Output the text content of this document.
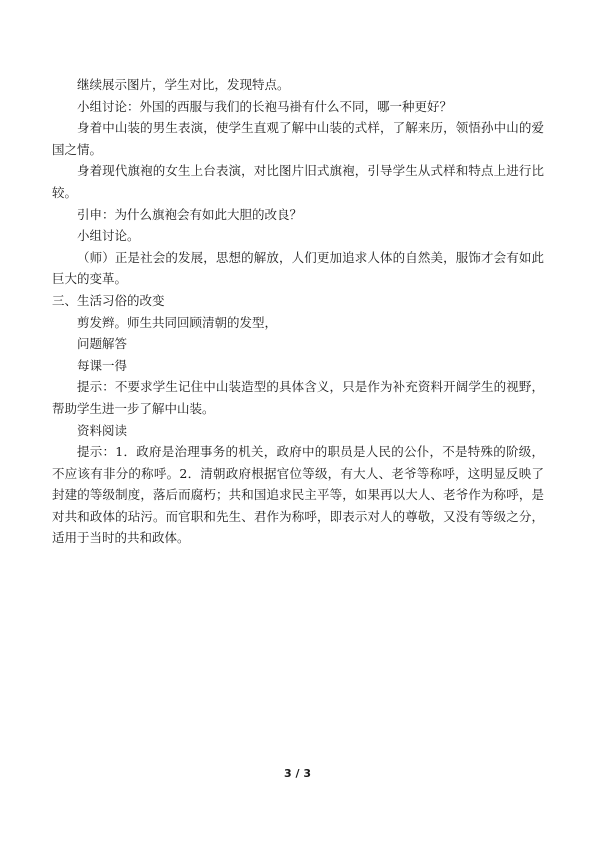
继续展示图片，学生对比，发现特点。

小组讨论：外国的西服与我们的长袍马褂有什么不同，哪一种更好？

身着中山装的男生表演，使学生直观了解中山装的式样，了解来历，领悟孙中山的爱国之情。

身着现代旗袍的女生上台表演，对比图片旧式旗袍，引导学生从式样和特点上进行比较。

引申：为什么旗袍会有如此大胆的改良？

小组讨论。

（师）正是社会的发展，思想的解放，人们更加追求人体的自然美，服饰才会有如此巨大的变革。

三、生活习俗的改变

剪发辫。师生共同回顾清朝的发型，

问题解答

每课一得

提示：不要求学生记住中山装造型的具体含义，只是作为补充资料开阔学生的视野，帮助学生进一步了解中山装。

资料阅读

提示：1．政府是治理事务的机关，政府中的职员是人民的公仆，不是特殊的阶级，不应该有非分的称呼。2．清朝政府根据官位等级，有大人、老爷等称呼，这明显反映了封建的等级制度，落后而腐朽；共和国追求民主平等，如果再以大人、老爷作为称呼，是对共和政体的玷污。而官职和先生、君作为称呼，即表示对人的尊敬，又没有等级之分，适用于当时的共和政体。

3 / 3
